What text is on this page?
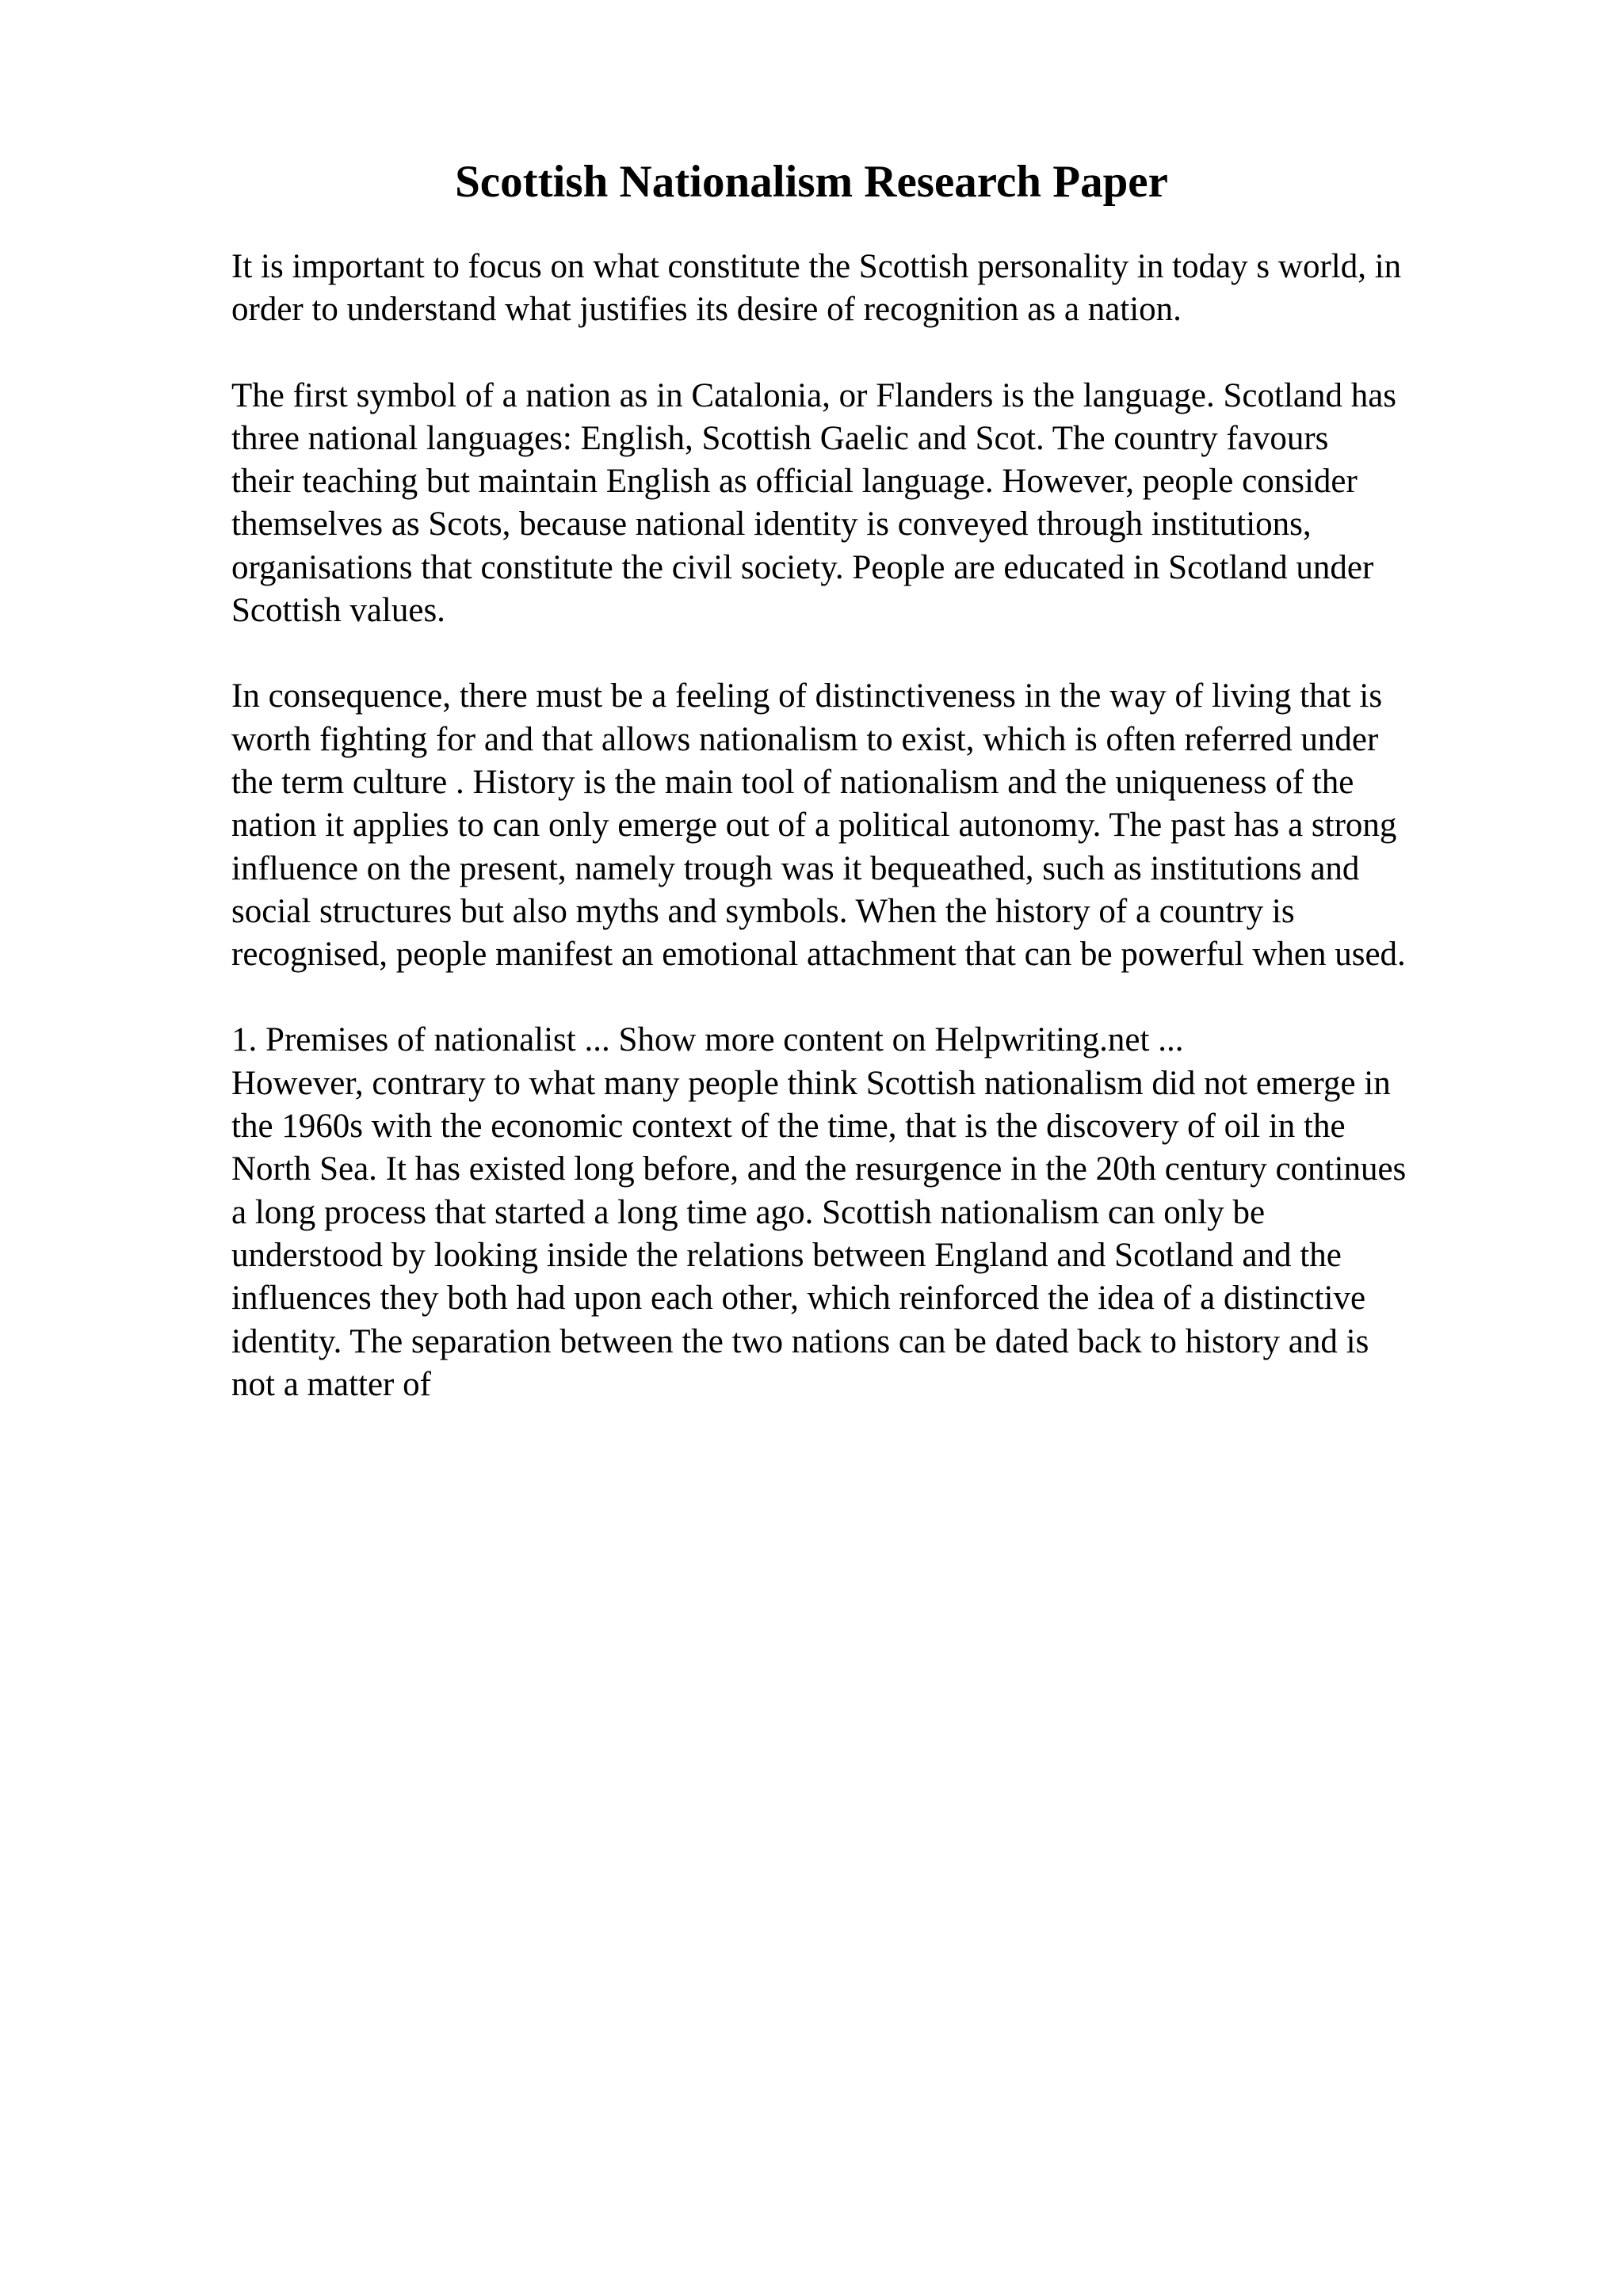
Scottish Nationalism Research Paper
It is important to focus on what constitute the Scottish personality in today s world, in
order to understand what justifies its desire of recognition as a nation.
The first symbol of a nation as in Catalonia, or Flanders is the language. Scotland has
three national languages: English, Scottish Gaelic and Scot. The country favours
their teaching but maintain English as official language. However, people consider
themselves as Scots, because national identity is conveyed through institutions,
organisations that constitute the civil society. People are educated in Scotland under
Scottish values.
In consequence, there must be a feeling of distinctiveness in the way of living that is
worth fighting for and that allows nationalism to exist, which is often referred under
the term culture . History is the main tool of nationalism and the uniqueness of the
nation it applies to can only emerge out of a political autonomy. The past has a strong
influence on the present, namely trough was it bequeathed, such as institutions and
social structures but also myths and symbols. When the history of a country is
recognised, people manifest an emotional attachment that can be powerful when used.
1. Premises of nationalist ... Show more content on Helpwriting.net ...
However, contrary to what many people think Scottish nationalism did not emerge in
the 1960s with the economic context of the time, that is the discovery of oil in the
North Sea. It has existed long before, and the resurgence in the 20th century continues
a long process that started a long time ago. Scottish nationalism can only be
understood by looking inside the relations between England and Scotland and the
influences they both had upon each other, which reinforced the idea of a distinctive
identity. The separation between the two nations can be dated back to history and is
not a matter of
